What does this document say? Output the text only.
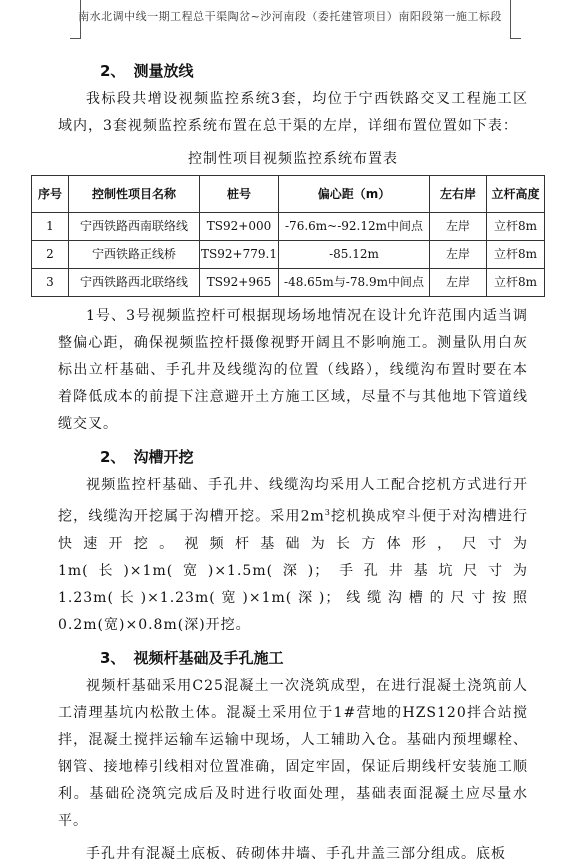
南水北调中线一期工程总干渠陶岔~沙河南段（委托建管项目）南阳段第一施工标段
2、 测量放线

我标段共增设视频监控系统3套，均位于宁西铁路交叉工程施工区域内，3套视频监控系统布置在总干渠的左岸，详细布置位置如下表：

控制性项目视频监控系统布置表
序号	控制性项目名称	桩号	偏心距（m）	左右岸	立杆高度
1	宁西铁路西南联络线	TS92+000	-76.6m~-92.12m中间点	左岸	立杆8m
2	宁西铁路正线桥	TS92+779.1	-85.12m	左岸	立杆8m
3	宁西铁路西北联络线	TS92+965	-48.65m与-78.9m中间点	左岸	立杆8m

1号、3号视频监控杆可根据现场场地情况在设计允许范围内适当调整偏心距，确保视频监控杆摄像视野开阔且不影响施工。测量队用白灰标出立杆基础、手孔井及线缆沟的位置（线路），线缆沟布置时要在本着降低成本的前提下注意避开土方施工区域，尽量不与其他地下管道线缆交叉。

2、 沟槽开挖

视频监控杆基础、手孔井、线缆沟均采用人工配合挖机方式进行开挖，线缆沟开挖属于沟槽开挖。采用$2m^3$挖机换成窄斗便于对沟槽进行快速开挖。视频杆基础为长方体形，尺寸为1m(长)×1m(宽)×1.5m(深)；手孔井基坑尺寸为1.23m(长)×1.23m(宽)×1m(深)；线缆沟槽的尺寸按照0.2m(宽)×0.8m(深)开挖。

3、 视频杆基础及手孔施工

视频杆基础采用C25混凝土一次浇筑成型，在进行混凝土浇筑前人工清理基坑内松散土体。混凝土采用位于1#营地的HZS120拌合站搅拌，混凝土搅拌运输车运输中现场，人工辅助入仓。基础内预埋螺栓、钢管、接地棒引线相对位置准确，固定牢固，保证后期线杆安装施工顺利。基础砼浇筑完成后及时进行收面处理，基础表面混凝土应尽量水平。

手孔井有混凝土底板、砖砌体井墙、手孔井盖三部分组成。底板
